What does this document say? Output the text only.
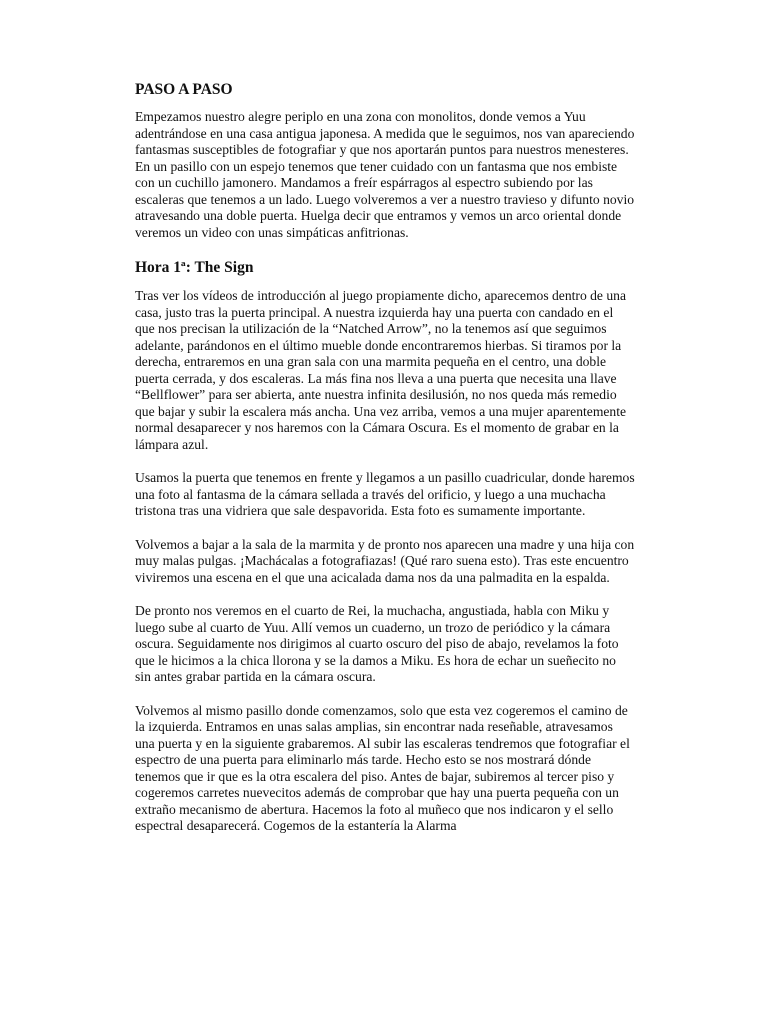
PASO A PASO
Empezamos nuestro alegre periplo en una zona con monolitos, donde vemos a Yuu adentrándose en una casa antigua japonesa. A medida que le seguimos, nos van apareciendo fantasmas susceptibles de fotografiar y que nos aportarán puntos para nuestros menesteres. En un pasillo con un espejo tenemos que tener cuidado con un fantasma que nos embiste con un cuchillo jamonero. Mandamos a freír espárragos al espectro subiendo por las escaleras que tenemos a un lado. Luego volveremos a ver a nuestro travieso y difunto novio atravesando una doble puerta. Huelga decir que entramos y vemos un arco oriental donde veremos un video con unas simpáticas anfitrionas.
Hora 1ª: The Sign
Tras ver los vídeos de introducción al juego propiamente dicho, aparecemos dentro de una casa, justo tras la puerta principal. A nuestra izquierda hay una puerta con candado en el que nos precisan la utilización de la “Natched Arrow”, no la tenemos así que seguimos adelante, parándonos en el último mueble donde encontraremos hierbas. Si tiramos por la derecha, entraremos en una gran sala con una marmita pequeña en el centro, una doble puerta cerrada, y dos escaleras. La más fina nos lleva a una puerta que necesita una llave “Bellflower” para ser abierta, ante nuestra infinita desilusión, no nos queda más remedio que bajar y subir la escalera más ancha. Una vez arriba, vemos a una mujer aparentemente normal desaparecer y nos haremos con la Cámara Oscura. Es el momento de grabar en la lámpara azul.
Usamos la puerta que tenemos en frente y llegamos a un pasillo cuadricular, donde haremos una foto al fantasma de la cámara sellada a través del orificio, y luego a una muchacha tristona tras una vidriera que sale despavorida. Esta foto es sumamente importante.
Volvemos a bajar a la sala de la marmita y de pronto nos aparecen una madre y una hija con muy malas pulgas. ¡Machácalas a fotografiazas! (Qué raro suena esto). Tras este encuentro viviremos una escena en el que una acicalada dama nos da una palmadita en la espalda.
De pronto nos veremos en el cuarto de Rei, la muchacha, angustiada, habla con Miku y luego sube al cuarto de Yuu. Allí vemos un cuaderno, un trozo de periódico y la cámara oscura. Seguidamente nos dirigimos al cuarto oscuro del piso de abajo, revelamos la foto que le hicimos a la chica llorona y se la damos a Miku. Es hora de echar un sueñecito no sin antes grabar partida en la cámara oscura.
Volvemos al mismo pasillo donde comenzamos, solo que esta vez cogeremos el camino de la izquierda. Entramos en unas salas amplias, sin encontrar nada reseñable, atravesamos una puerta y en la siguiente grabaremos. Al subir las escaleras tendremos que fotografiar el espectro de una puerta para eliminarlo más tarde. Hecho esto se nos mostrará dónde tenemos que ir que es la otra escalera del piso. Antes de bajar, subiremos al tercer piso y cogeremos carretes nuevecitos además de comprobar que hay una puerta pequeña con un extraño mecanismo de abertura. Hacemos la foto al muñeco que nos indicaron y el sello espectral desaparecerá. Cogemos de la estantería la Alarma
